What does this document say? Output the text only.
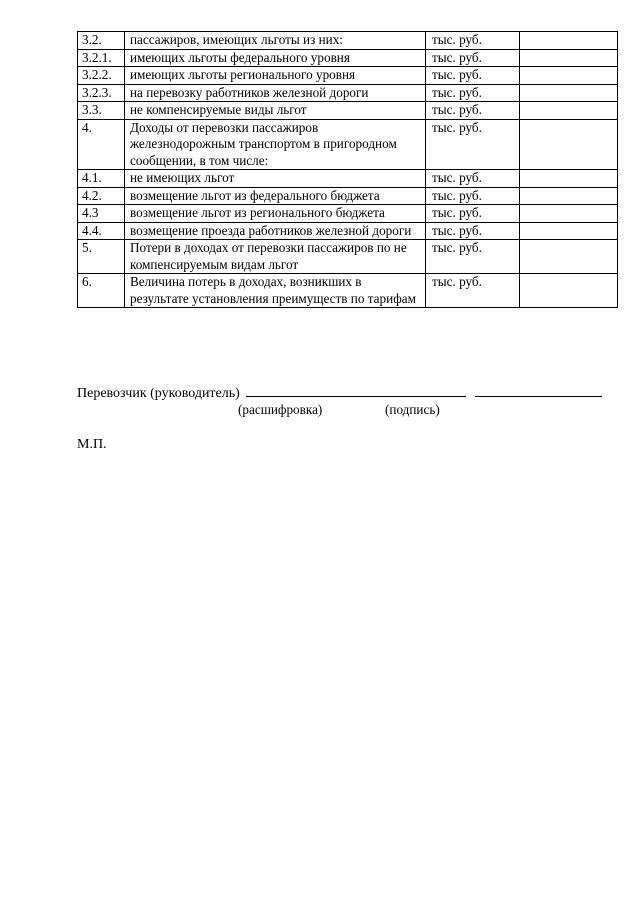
3.2.	пассажиров, имеющих льготы из них:	тыс. руб.	
3.2.1.	имеющих льготы федерального уровня	тыс. руб.	
3.2.2.	имеющих льготы регионального уровня	тыс. руб.	
3.2.3.	на перевозку работников железной дороги	тыс. руб.	
3.3.	не компенсируемые виды льгот	тыс. руб.	
4.	Доходы от перевозки пассажиров железнодорожным транспортом в пригородном сообщении, в том числе:	тыс. руб.	
4.1.	не имеющих льгот	тыс. руб.	
4.2.	возмещение льгот из федерального бюджета	тыс. руб.	
4.3	возмещение льгот из регионального бюджета	тыс. руб.	
4.4.	возмещение проезда работников железной дороги	тыс. руб.	
5.	Потери в доходах от перевозки пассажиров по не компенсируемым видам льгот	тыс. руб.	
6.	Величина потерь в доходах, возникших в результате установления преимуществ по тарифам	тыс. руб.	
Перевозчик (руководитель)
(расшифровка)	(подпись)
М.П.
